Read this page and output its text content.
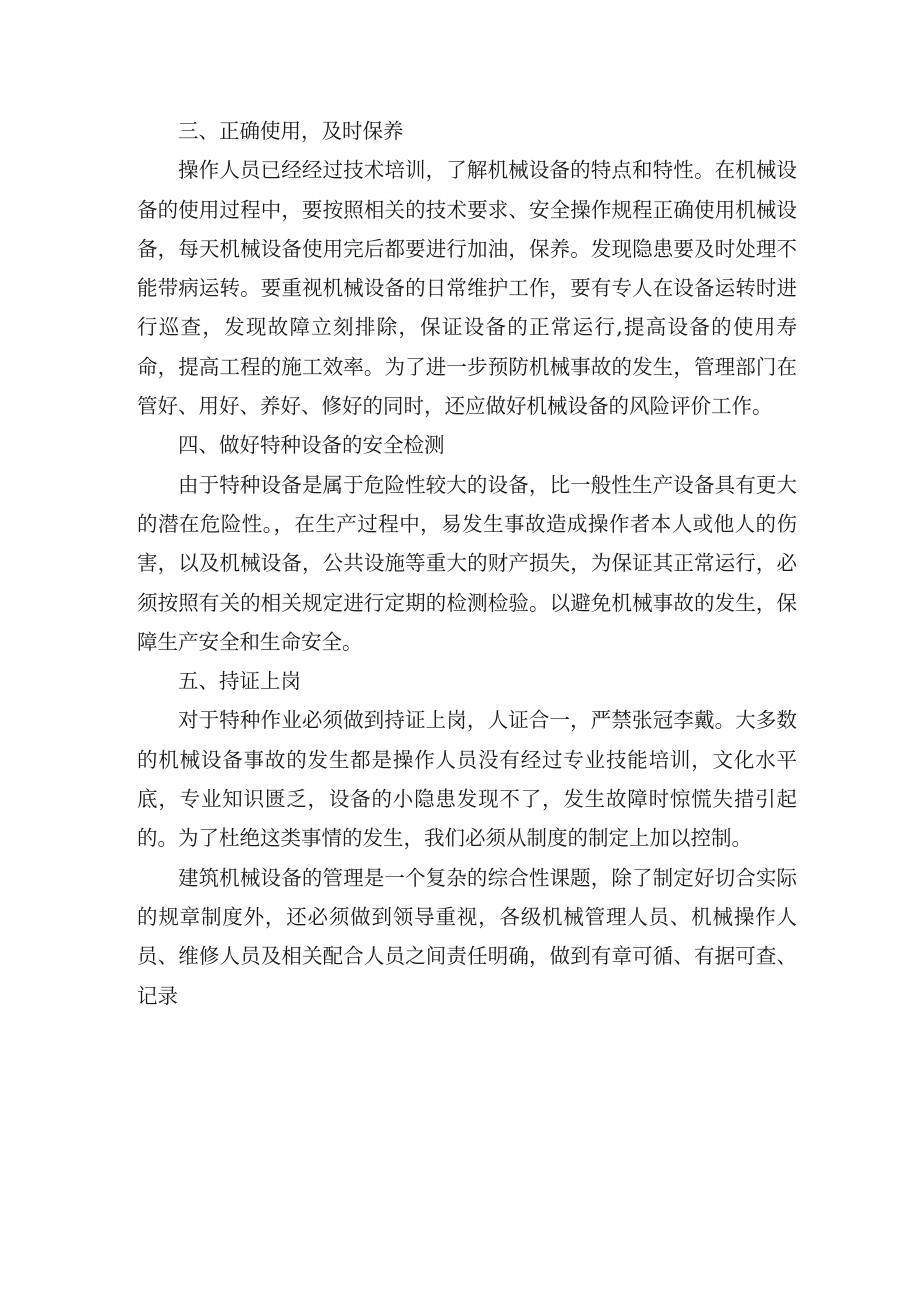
三、正确使用，及时保养

操作人员已经经过技术培训，了解机械设备的特点和特性。在机械设备的使用过程中，要按照相关的技术要求、安全操作规程正确使用机械设备，每天机械设备使用完后都要进行加油，保养。发现隐患要及时处理不能带病运转。要重视机械设备的日常维护工作，要有专人在设备运转时进行巡查，发现故障立刻排除，保证设备的正常运行,提高设备的使用寿命，提高工程的施工效率。为了进一步预防机械事故的发生，管理部门在管好、用好、养好、修好的同时，还应做好机械设备的风险评价工作。

四、做好特种设备的安全检测

由于特种设备是属于危险性较大的设备，比一般性生产设备具有更大的潜在危险性。，在生产过程中，易发生事故造成操作者本人或他人的伤害，以及机械设备，公共设施等重大的财产损失，为保证其正常运行，必须按照有关的相关规定进行定期的检测检验。以避免机械事故的发生，保障生产安全和生命安全。

五、持证上岗

对于特种作业必须做到持证上岗，人证合一，严禁张冠李戴。大多数的机械设备事故的发生都是操作人员没有经过专业技能培训，文化水平底，专业知识匮乏，设备的小隐患发现不了，发生故障时惊慌失措引起的。为了杜绝这类事情的发生，我们必须从制度的制定上加以控制。

建筑机械设备的管理是一个复杂的综合性课题，除了制定好切合实际的规章制度外，还必须做到领导重视，各级机械管理人员、机械操作人员、维修人员及相关配合人员之间责任明确，做到有章可循、有据可查、记录
